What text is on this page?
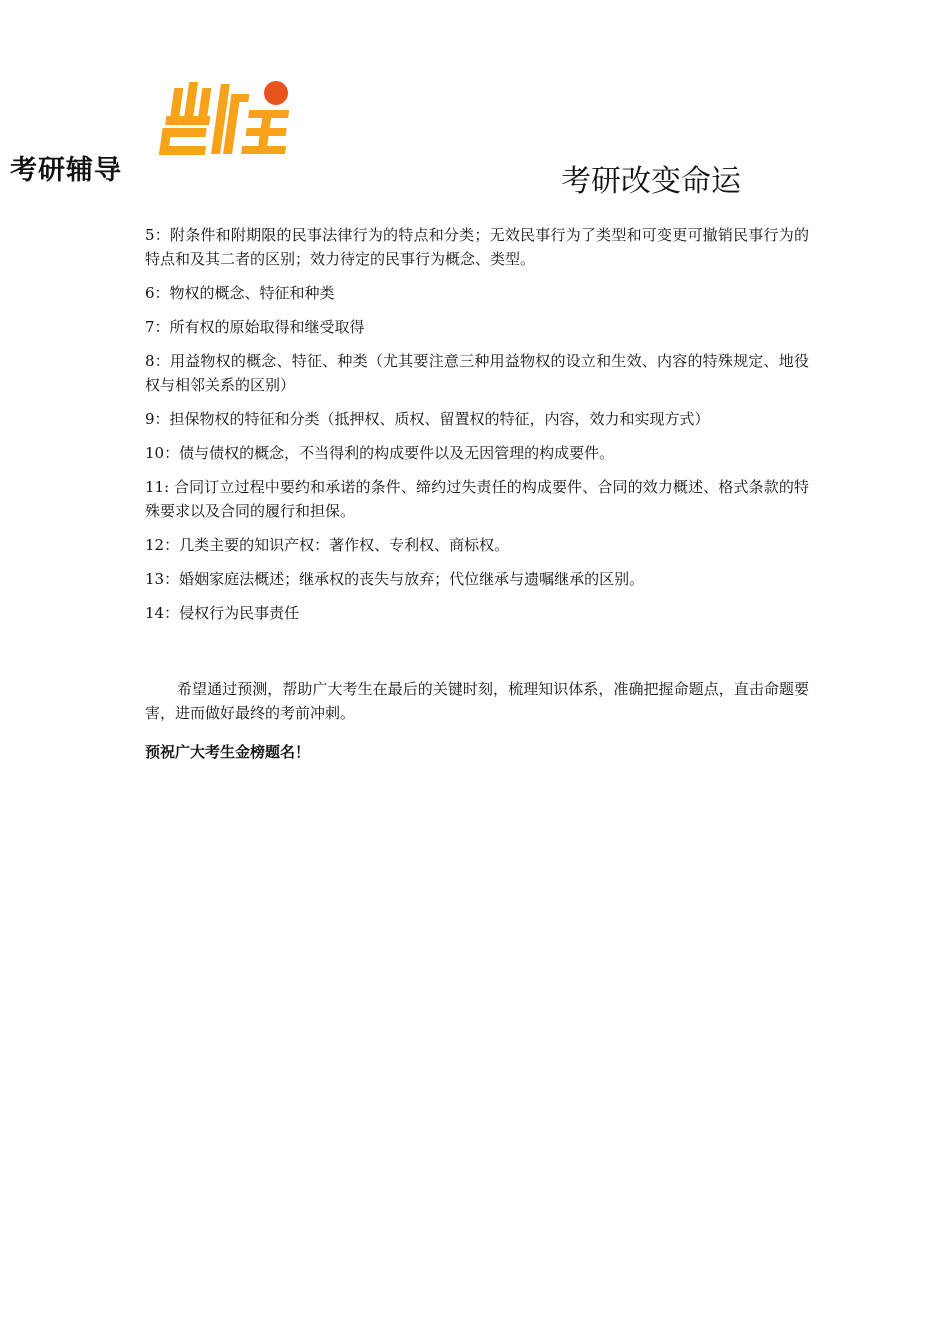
考研辅导	考研改变命运

5：附条件和附期限的民事法律行为的特点和分类；无效民事行为了类型和可变更可撤销民事行为的特点和及其二者的区别；效力待定的民事行为概念、类型。

6：物权的概念、特征和种类

7：所有权的原始取得和继受取得

8：用益物权的概念、特征、种类（尤其要注意三种用益物权的设立和生效、内容的特殊规定、地役权与相邻关系的区别）

9：担保物权的特征和分类（抵押权、质权、留置权的特征，内容，效力和实现方式）

10：债与债权的概念，不当得利的构成要件以及无因管理的构成要件。

11: 合同订立过程中要约和承诺的条件、缔约过失责任的构成要件、合同的效力概述、格式条款的特殊要求以及合同的履行和担保。

12：几类主要的知识产权：著作权、专利权、商标权。

13：婚姻家庭法概述；继承权的丧失与放弃；代位继承与遗嘱继承的区别。

14：侵权行为民事责任

希望通过预测，帮助广大考生在最后的关键时刻，梳理知识体系，准确把握命题点，直击命题要害，进而做好最终的考前冲刺。

预祝广大考生金榜题名！
